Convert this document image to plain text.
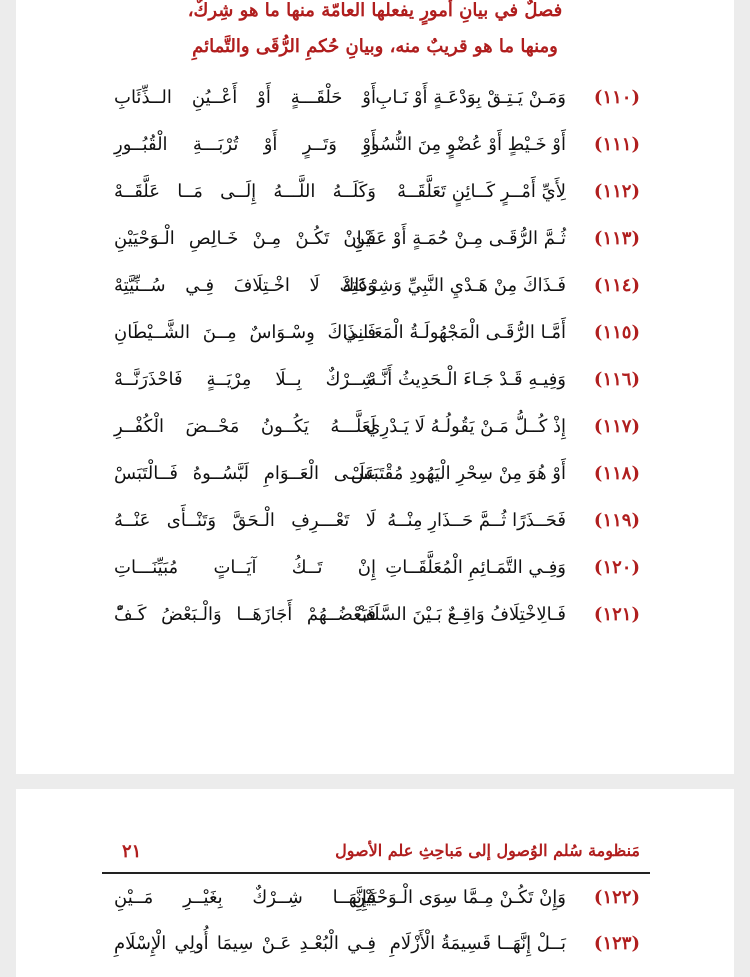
فصلٌ في بيانِ أمورٍ يفعلها العامّة منها ما هو شِركٌ،
ومنها ما هو قريبٌ منه، وبيانِ حُكمِ الرُّقَى والتَّمائمِ
(١١٠)
وَمَـنْ يَـتِـقْ بِوَدْعَـةٍ أَوْ نَـابِ
أَوْ حَلْقَـــةٍ أَوْ أَعْــيُنِ الــذِّئَابِ
(١١١)
أَوْ خَـيْطٍ أَوْ عُضْوٍ مِنَ النُّسُورِ
أَوْ وَتَــرٍ أَوْ تُرْبَـــةِ الْقُبُــورِ
(١١٢)
لِأَيِّ أَمْــرٍ كَــائِنٍ تَعَلَّقَــهْ
وَكَلَــهُ اللَّـــهُ إِلَــى مَــا عَلَّقَــهْ
(١١٣)
ثُـمَّ الرُّقَـى مِـنْ حُمَـةٍ أَوْ عَـيْنِ
فَـإِنْ تَكُـنْ مِـنْ خَـالِصِ الْـوَحْيَيْنِ
(١١٤)
فَـذَاكَ مِنْ هَـدْيِ النَّبِيِّ وَشِرْعَتِهْ
وَذَاكَ لَا اخْـتِلَافَ فِـي سُــنِّيَّتِهْ
(١١٥)
أَمَّـا الرُّقَـى الْمَجْهُولَـةُ الْمَعَـانِي
فَــذَاكَ وِسْـوَاسٌ مِــنَ الشَّــيْطَانِ
(١١٦)
وَفِيـهِ قَـدْ جَـاءَ الْـحَدِيثُ أَنَّـهْ
شِــرْكٌ بِــلَا مِرْيَــةٍ فَاحْذَرَنَّــهْ
(١١٧)
إِذْ كُــلُّ مَـنْ يَقُولُـهُ لَا يَـدْرِي
لَعَلَّـــهُ يَكُــونُ مَحْــضَ الْكُفْــرِ
(١١٨)
أَوْ هُوَ مِنْ سِحْرِ الْيَهُودِ مُقْتَبَسْ
عَلَــى الْعَــوَامِ لَبَّسُــوهُ فَــالْتَبَسْ
(١١٩)
فَحَــذَرًا ثُــمَّ حَــذَارِ مِنْــهُ
لَا تَعْـــرِفِ الْـحَقَّ وَتَنْــأَى عَنْــهُ
(١٢٠)
وَفِـي التَّمَـائِمِ الْمُعَلَّقَــاتِ
إِنْ تَــكُ آيَــاتٍ مُبَيِّنَـــاتِ
(١٢١)
فَـالِاخْتِلَافُ وَاقِـعٌ بَـيْنَ السَّلَفْ
فَبَعْضُــهُمْ أَجَازَهَــا وَالْـبَعْضُ كَـفّْ
مَنظومة سُلم الوُصول إلى مَباحِثِ علم الأصول
٢١
(١٢٢)
وَإِنْ تَكُـنْ مِـمَّا سِوَى الْـوَحْيَيْنِ
فَإِنَّهَــا شِــرْكٌ بِغَيْــرِ مَــيْنِ
(١٢٣)
بَــلْ إِنَّهَــا قَسِيمَةُ الْأَزْلَامِ
فِـي الْبُعْـدِ عَـنْ سِيمَا أُولِي الْإِسْلَامِ
